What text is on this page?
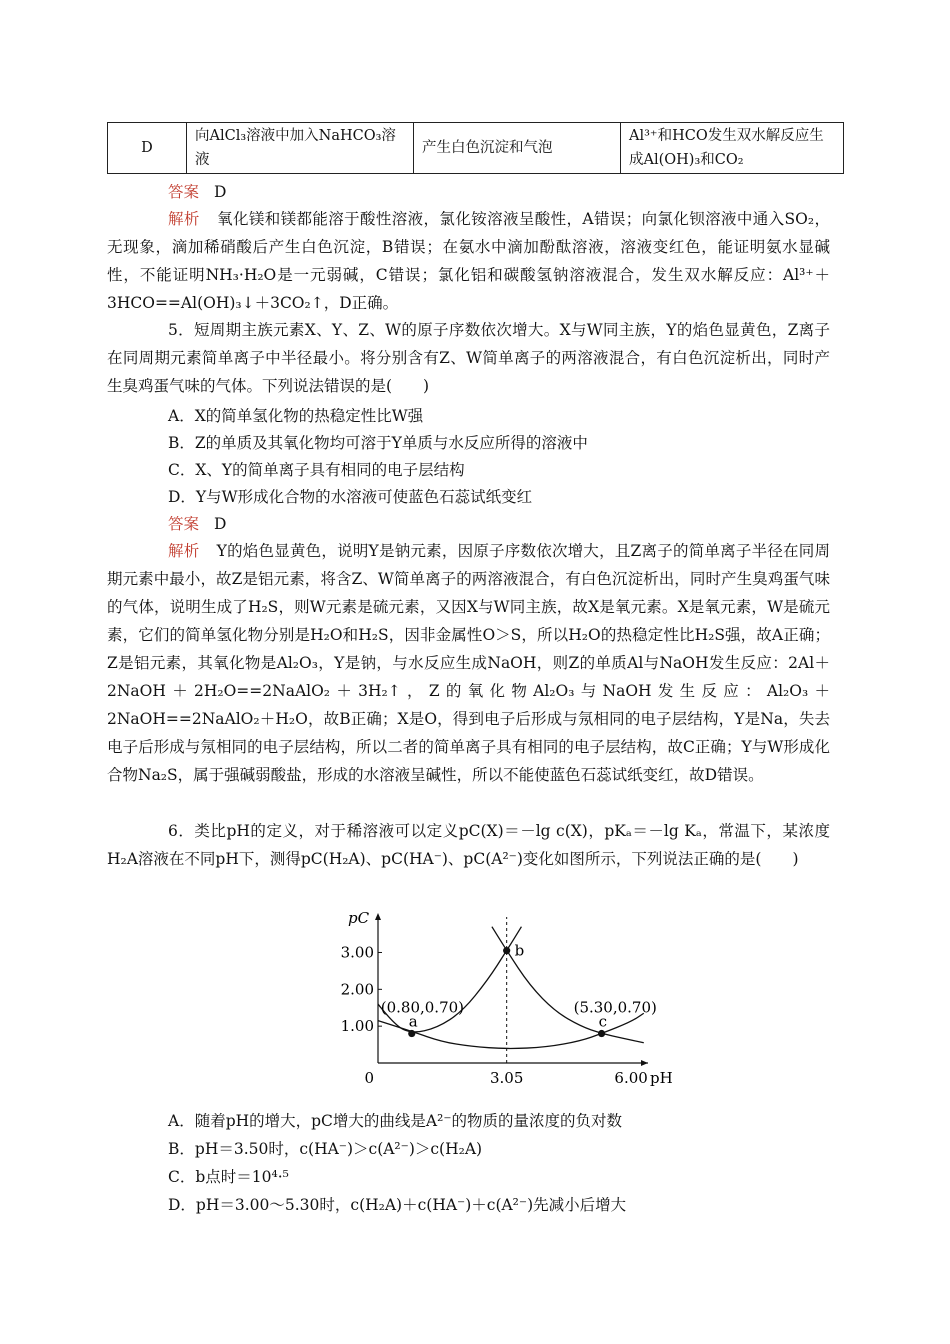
D	向AlCl₃溶液中加入NaHCO₃溶液	产生白色沉淀和气泡	Al³⁺和HCO发生双水解反应生成Al(OH)₃和CO₂
答案 D
解析 氧化镁和镁都能溶于酸性溶液，氯化铵溶液呈酸性，A错误；向氯化钡溶液中通入SO₂，无现象，滴加稀硝酸后产生白色沉淀，B错误；在氨水中滴加酚酞溶液，溶液变红色，能证明氨水显碱性，不能证明NH₃·H₂O是一元弱碱，C错误；氯化铝和碳酸氢钠溶液混合，发生双水解反应：Al³⁺＋3HCO==Al(OH)₃↓＋3CO₂↑，D正确。
5．短周期主族元素X、Y、Z、W的原子序数依次增大。X与W同主族，Y的焰色显黄色，Z离子在同周期元素简单离子中半径最小。将分别含有Z、W简单离子的两溶液混合，有白色沉淀析出，同时产生臭鸡蛋气味的气体。下列说法错误的是(　　)
A．X的简单氢化物的热稳定性比W强
B．Z的单质及其氧化物均可溶于Y单质与水反应所得的溶液中
C．X、Y的简单离子具有相同的电子层结构
D．Y与W形成化合物的水溶液可使蓝色石蕊试纸变红
答案 D
解析 Y的焰色显黄色，说明Y是钠元素，因原子序数依次增大，且Z离子的简单离子半径在同周期元素中最小，故Z是铝元素，将含Z、W简单离子的两溶液混合，有白色沉淀析出，同时产生臭鸡蛋气味的气体，说明生成了H₂S，则W元素是硫元素，又因X与W同主族，故X是氧元素。X是氧元素，W是硫元素，它们的简单氢化物分别是H₂O和H₂S，因非金属性O＞S，所以H₂O的热稳定性比H₂S强，故A正确；Z是铝元素，其氧化物是Al₂O₃，Y是钠，与水反应生成NaOH，则Z的单质Al与NaOH发生反应：2Al＋2NaOH＋2H₂O==2NaAlO₂＋3H₂↑，Z的氧化物Al₂O₃与NaOH发生反应：Al₂O₃＋2NaOH==2NaAlO₂＋H₂O，故B正确；X是O，得到电子后形成与氖相同的电子层结构，Y是Na，失去电子后形成与氖相同的电子层结构，所以二者的简单离子具有相同的电子层结构，故C正确；Y与W形成化合物Na₂S，属于强碱弱酸盐，形成的水溶液呈碱性，所以不能使蓝色石蕊试纸变红，故D错误。
6．类比pH的定义，对于稀溶液可以定义pC(X)＝－lg c(X)，pKₐ＝－lg Kₐ，常温下，某浓度H₂A溶液在不同pH下，测得pC(H₂A)、pC(HA⁻)、pC(A²⁻)变化如图所示，下列说法正确的是(　　)
pC
pH
1.00
2.00
3.00
0	3.05	6.00
a
(0.80,0.70)
b
c
(5.30,0.70)
A．随着pH的增大，pC增大的曲线是A²⁻的物质的量浓度的负对数
B．pH＝3.50时，c(HA⁻)＞c(A²⁻)＞c(H₂A)
C．b点时＝10⁴·⁵
D．pH＝3.00～5.30时，c(H₂A)＋c(HA⁻)＋c(A²⁻)先减小后增大
